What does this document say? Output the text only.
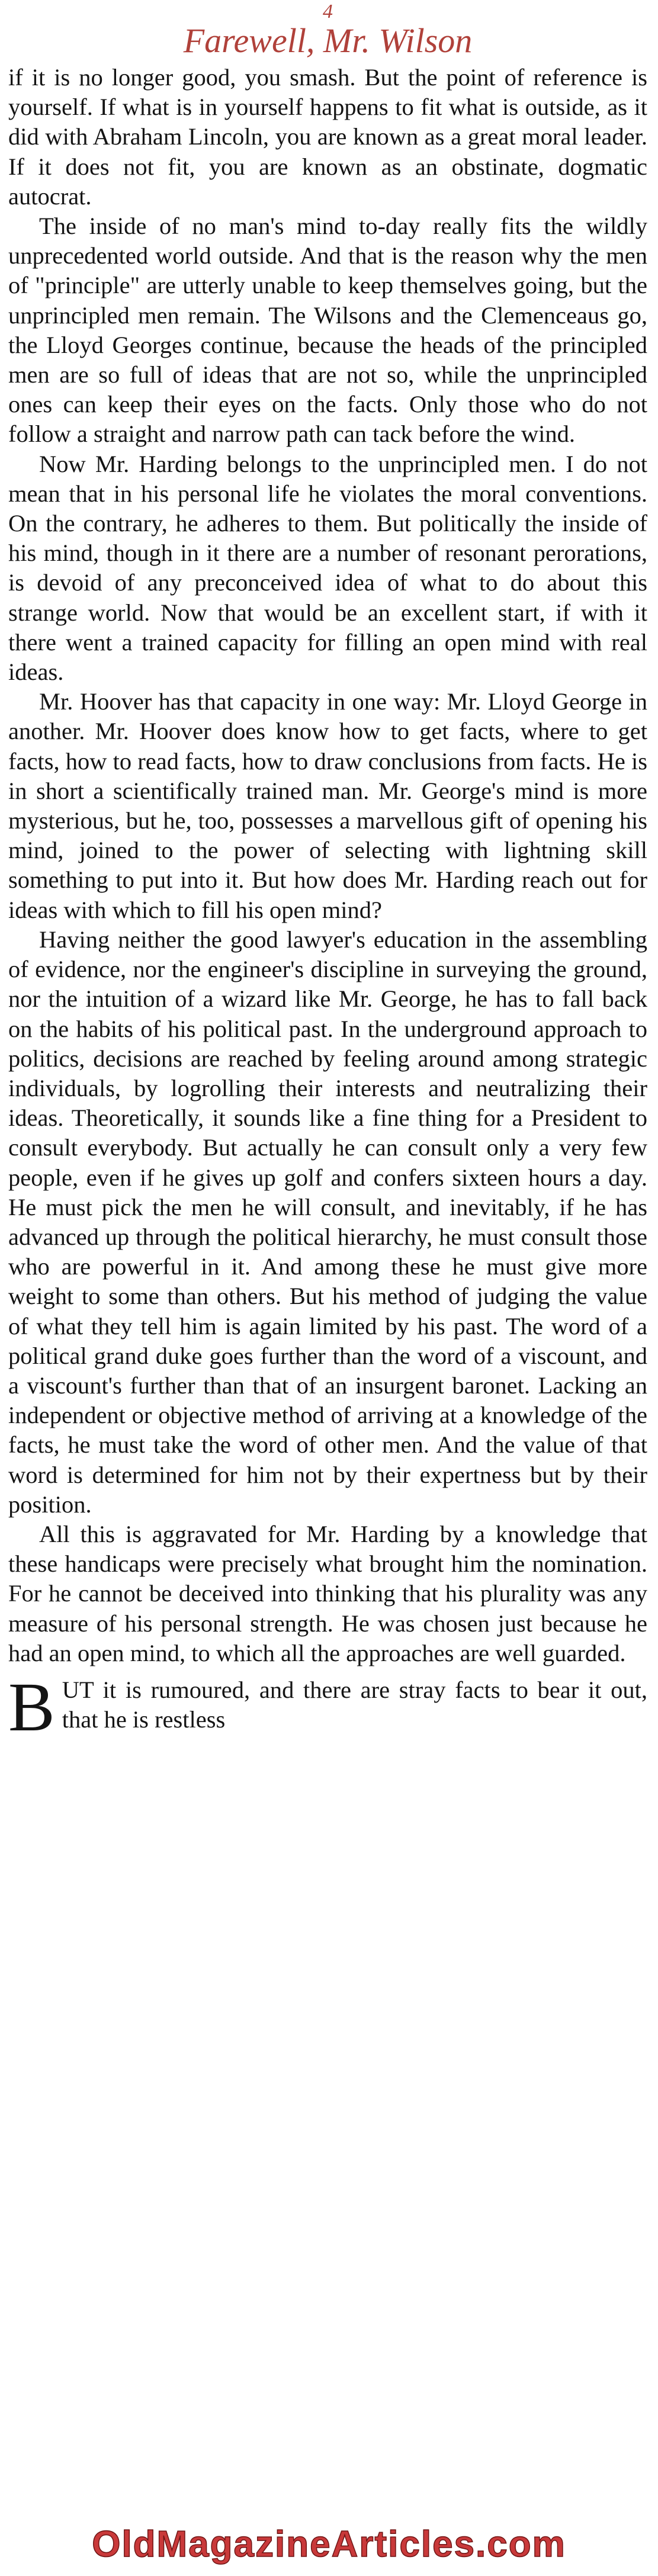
4
Farewell, Mr. Wilson

if it is no longer good, you smash. But the point of reference is yourself. If what is in yourself happens to fit what is outside, as it did with Abraham Lincoln, you are known as a great moral leader. If it does not fit, you are known as an obstinate, dogmatic autocrat.

The inside of no man's mind to-day really fits the wildly unprecedented world outside. And that is the reason why the men of "principle" are utterly unable to keep themselves going, but the unprincipled men remain. The Wilsons and the Clemenceaus go, the Lloyd Georges continue, because the heads of the principled men are so full of ideas that are not so, while the unprincipled ones can keep their eyes on the facts. Only those who do not follow a straight and narrow path can tack before the wind.

Now Mr. Harding belongs to the unprincipled men. I do not mean that in his personal life he violates the moral conventions. On the contrary, he adheres to them. But politically the inside of his mind, though in it there are a number of resonant perorations, is devoid of any preconceived idea of what to do about this strange world. Now that would be an excellent start, if with it there went a trained capacity for filling an open mind with real ideas.

Mr. Hoover has that capacity in one way: Mr. Lloyd George in another. Mr. Hoover does know how to get facts, where to get facts, how to read facts, how to draw conclusions from facts. He is in short a scientifically trained man. Mr. George's mind is more mysterious, but he, too, possesses a marvellous gift of opening his mind, joined to the power of selecting with lightning skill something to put into it. But how does Mr. Harding reach out for ideas with which to fill his open mind?

Having neither the good lawyer's education in the assembling of evidence, nor the engineer's discipline in surveying the ground, nor the intuition of a wizard like Mr. George, he has to fall back on the habits of his political past. In the underground approach to politics, decisions are reached by feeling around among strategic individuals, by logrolling their interests and neutralizing their ideas. Theoretically, it sounds like a fine thing for a President to consult everybody. But actually he can consult only a very few people, even if he gives up golf and confers sixteen hours a day. He must pick the men he will consult, and inevitably, if he has advanced up through the political hierarchy, he must consult those who are powerful in it. And among these he must give more weight to some than others. But his method of judging the value of what they tell him is again limited by his past. The word of a political grand duke goes further than the word of a viscount, and a viscount's further than that of an insurgent baronet. Lacking an independent or objective method of arriving at a knowledge of the facts, he must take the word of other men. And the value of that word is determined for him not by their expertness but by their position.

All this is aggravated for Mr. Harding by a knowledge that these handicaps were precisely what brought him the nomination. For he cannot be deceived into thinking that his plurality was any measure of his personal strength. He was chosen just because he had an open mind, to which all the approaches are well guarded.

B UT it is rumoured, and there are stray facts to bear it out, that he is restless
OldMagazineArticles.com
